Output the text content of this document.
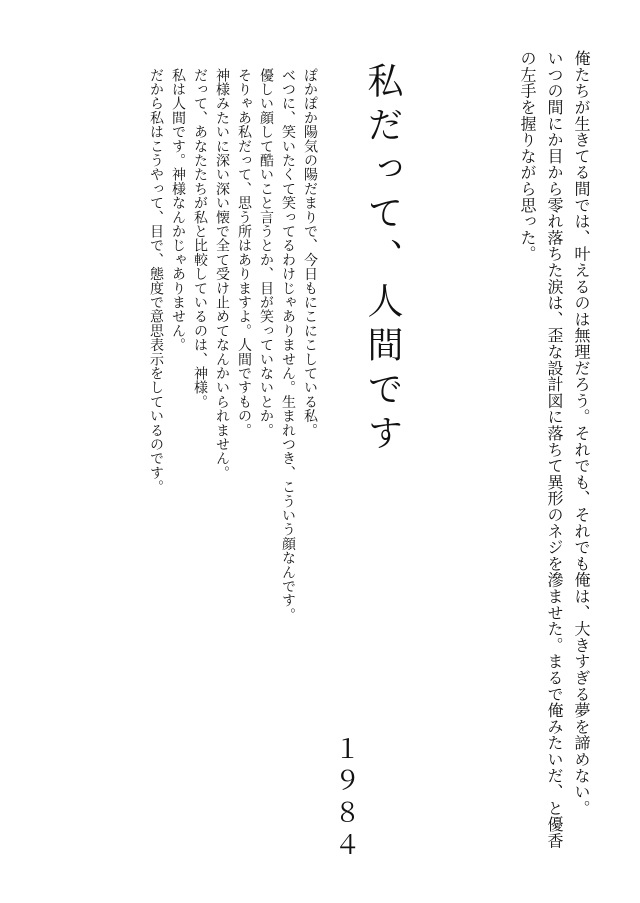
俺たちが生きてる間では、叶えるのは無理だろう。それでも、それでも俺は、大きすぎる夢を諦めない。
いつの間にか目から零れ落ちた涙は、歪な設計図に落ちて異形のネジを滲ませた。まるで俺みたいだ、と優香
の左手を握りながら思った。
私だって、人間です
ぽかぽか陽気の陽だまりで、今日もにこにこしている私。
べつに、笑いたくて笑ってるわけじゃありません。生まれつき、こういう顔なんです。
優しい顔して酷いこと言うとか、目が笑っていないとか。
そりゃあ私だって、思う所はありますよ。人間ですもの。
神様みたいに深い深い懐で全て受け止めてなんかいられません。
だって、あなたたちが私と比較しているのは、神様。
私は人間です。神様なんかじゃありません。
だから私はこうやって、目で、態度で意思表示をしているのです。
１９８４
